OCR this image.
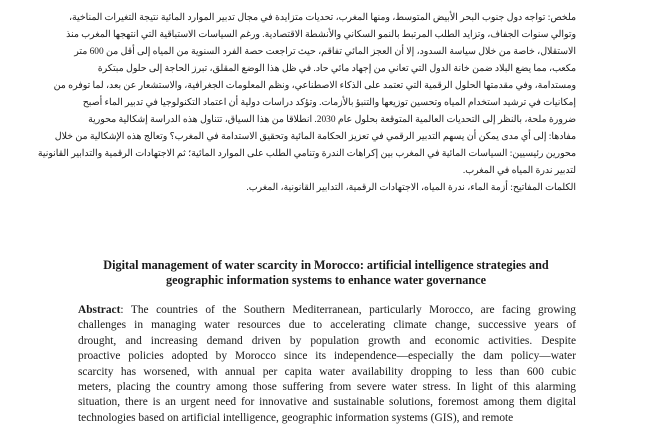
ملخص: تواجه دول جنوب البحر الأبيض المتوسط، ومنها المغرب، تحديات متزايدة في مجال تدبير الموارد المائية نتيجة التغيرات المناخية،
وتوالي سنوات الجفاف، وتزايد الطلب المرتبط بالنمو السكاني والأنشطة الاقتصادية. ورغم السياسات الاستباقية التي انتهجها المغرب منذ
الاستقلال، خاصة من خلال سياسة السدود، إلا أن العجز المائي تفاقم، حيث تراجعت حصة الفرد السنوية من المياه إلى أقل من 600 متر
مكعب، مما يضع البلاد ضمن خانة الدول التي تعاني من إجهاد مائي حاد. في ظل هذا الوضع المقلق، تبرز الحاجة إلى حلول مبتكرة
ومستدامة، وفي مقدمتها الحلول الرقمية التي تعتمد على الذكاء الاصطناعي، ونظم المعلومات الجغرافية، والاستشعار عن بعد، لما توفره من
إمكانيات في ترشيد استخدام المياه وتحسين توزيعها والتنبؤ بالأزمات. وتؤكد دراسات دولية أن اعتماد التكنولوجيا في تدبير الماء أصبح
ضرورة ملحة، بالنظر إلى التحديات العالمية المتوقعة بحلول عام 2030. انطلاقا من هذا السياق، تتناول هذه الدراسة إشكالية محورية
مفادها: إلى أي مدى يمكن أن يسهم التدبير الرقمي في تعزيز الحكامة المائية وتحقيق الاستدامة في المغرب؟ وتعالج هذه الإشكالية من خلال
محورين رئيسيين: السياسات المائية في المغرب بين إكراهات الندرة وتنامي الطلب على الموارد المائية؛ ثم الاجتهادات الرقمية والتدابير القانونية
لتدبير ندرة المياه في المغرب.
الكلمات المفاتيح: أزمة الماء، ندرة المياه، الاجتهادات الرقمية، التدابير القانونية، المغرب.
Digital management of water scarcity in Morocco: artificial intelligence strategies and
geographic information systems to enhance water governance
Abstract: The countries of the Southern Mediterranean, particularly Morocco, are facing growing
challenges in managing water resources due to accelerating climate change, successive years of
drought, and increasing demand driven by population growth and economic activities. Despite
proactive policies adopted by Morocco since its independence—especially the dam policy—water
scarcity has worsened, with annual per capita water availability dropping to less than 600 cubic
meters, placing the country among those suffering from severe water stress. In light of this alarming
situation, there is an urgent need for innovative and sustainable solutions, foremost among them digital
technologies based on artificial intelligence, geographic information systems (GIS), and remote
